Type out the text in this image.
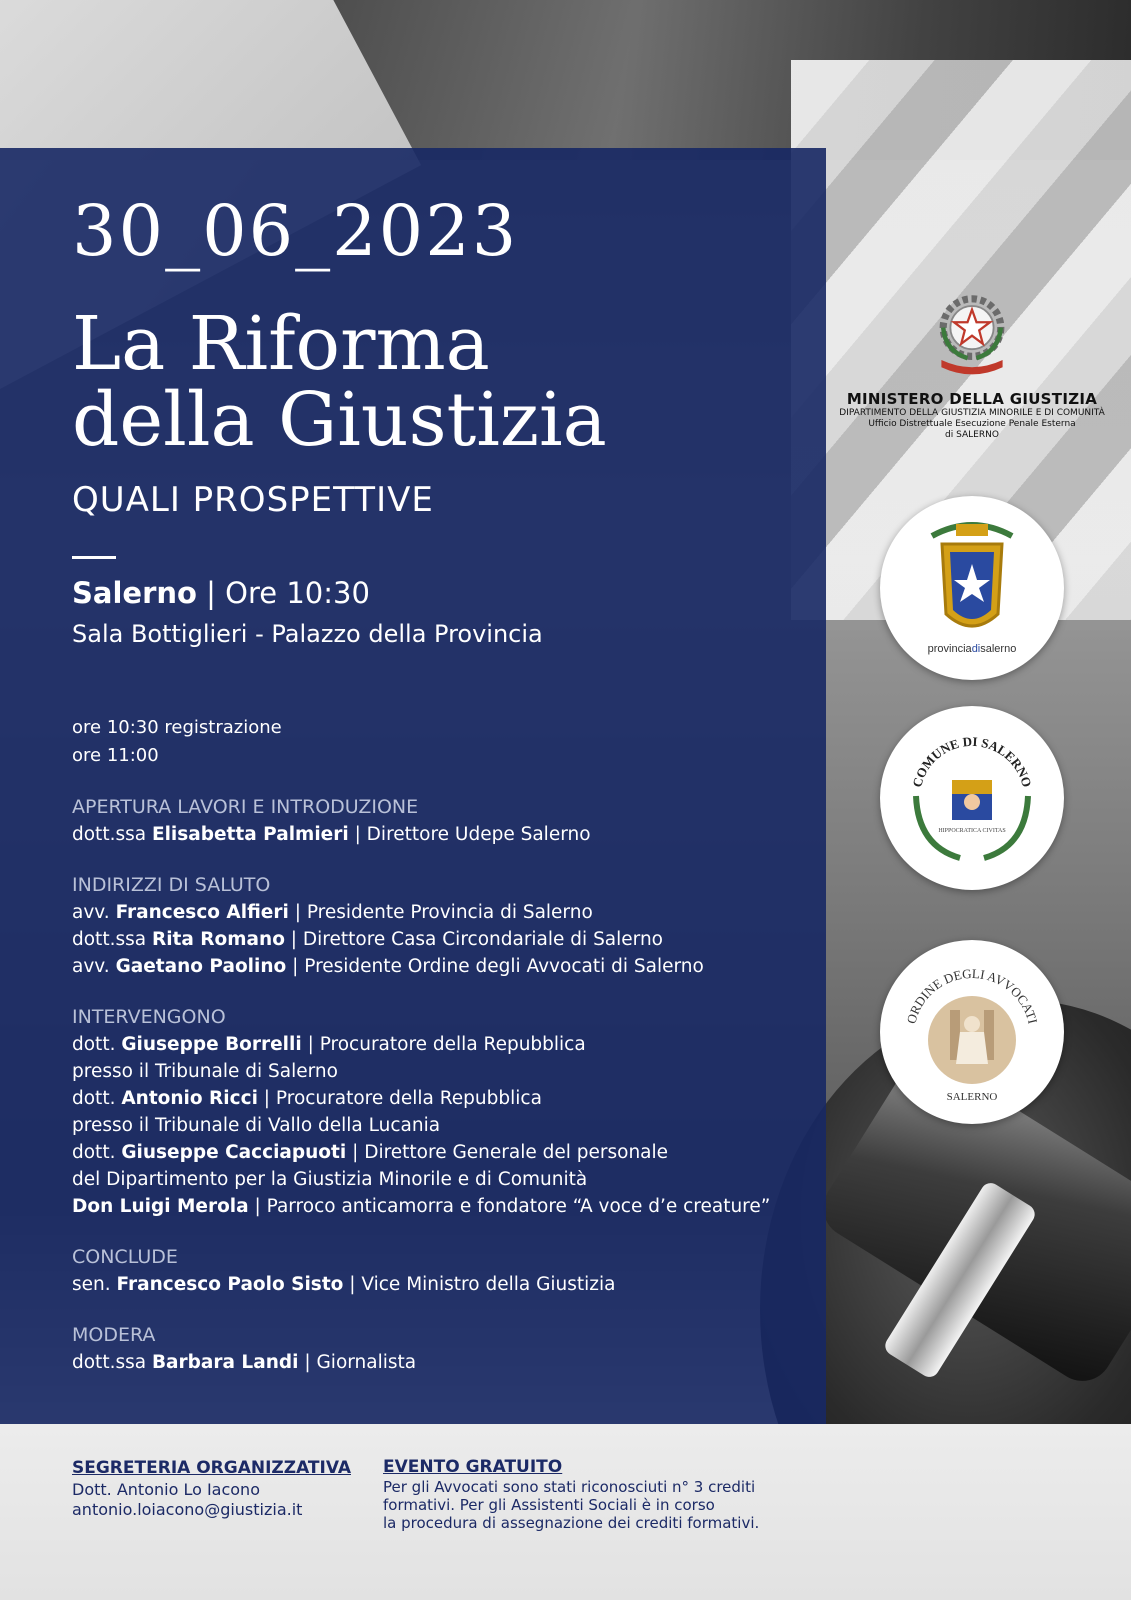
30_06_2023
La Riforma
della Giustizia
QUALI PROSPETTIVE
Salerno | Ore 10:30
Sala Bottiglieri - Palazzo della Provincia
ore 10:30 registrazione
ore 11:00
APERTURA LAVORI E INTRODUZIONE
dott.ssa Elisabetta Palmieri | Direttore Udepe Salerno
INDIRIZZI DI SALUTO
avv. Francesco Alfieri | Presidente Provincia di Salerno
dott.ssa Rita Romano | Direttore Casa Circondariale di Salerno
avv. Gaetano Paolino | Presidente Ordine degli Avvocati di Salerno
INTERVENGONO
dott. Giuseppe Borrelli | Procuratore della Repubblica
presso il Tribunale di Salerno
dott. Antonio Ricci | Procuratore della Repubblica
presso il Tribunale di Vallo della Lucania
dott. Giuseppe Cacciapuoti | Direttore Generale del personale
del Dipartimento per la Giustizia Minorile e di Comunità
Don Luigi Merola | Parroco anticamorra e fondatore “A voce d’e creature”
CONCLUDE
sen. Francesco Paolo Sisto | Vice Ministro della Giustizia
MODERA
dott.ssa Barbara Landi | Giornalista
MINISTERO DELLA GIUSTIZIA
DIPARTIMENTO DELLA GIUSTIZIA MINORILE E DI COMUNITÀ
Ufficio Distrettuale Esecuzione Penale Esterna
di SALERNO
provinciadisalerno
COMUNE DI SALERNO
HIPPOCRATICA CIVITAS
ORDINE DEGLI AVVOCATI
SALERNO
SEGRETERIA ORGANIZZATIVA
Dott. Antonio Lo Iacono
antonio.loiacono@giustizia.it
EVENTO GRATUITO
Per gli Avvocati sono stati riconosciuti n° 3 crediti
formativi. Per gli Assistenti Sociali è in corso
la procedura di assegnazione dei crediti formativi.
